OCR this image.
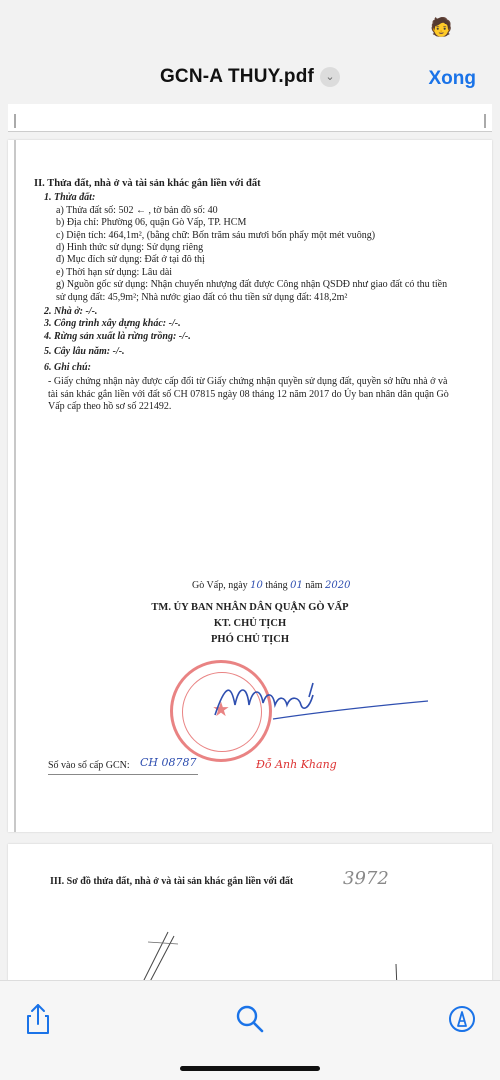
🧑
GCN-A THUY.pdf ⌄	Xong
II. Thửa đất, nhà ở và tài sản khác gắn liền với đất
1. Thửa đất:
a) Thửa đất số: 502 ← , tờ bản đồ số: 40
b) Địa chỉ: Phường 06, quận Gò Vấp, TP. HCM
c) Diện tích: 464,1m², (bằng chữ: Bốn trăm sáu mươi bốn phẩy một mét vuông)
d) Hình thức sử dụng: Sử dụng riêng
đ) Mục đích sử dụng: Đất ở tại đô thị
e) Thời hạn sử dụng: Lâu dài
g) Nguồn gốc sử dụng: Nhận chuyển nhượng đất được Công nhận QSDĐ như giao đất có thu tiền sử dụng đất: 45,9m²; Nhà nước giao đất có thu tiền sử dụng đất: 418,2m²
2. Nhà ở: -/-.
3. Công trình xây dựng khác: -/-.
4. Rừng sản xuất là rừng trồng: -/-.
5. Cây lâu năm: -/-.
6. Ghi chú:
- Giấy chứng nhận này được cấp đổi từ Giấy chứng nhận quyền sử dụng đất, quyền sở hữu nhà ở và tài sản khác gắn liền với đất số CH 07815 ngày 08 tháng 12 năm 2017 do Ủy ban nhân dân quận Gò Vấp cấp theo hồ sơ số 221492.
Gò Vấp, ngày 10 tháng 01 năm 2020
TM. ỦY BAN NHÂN DÂN QUẬN GÒ VẤP
KT. CHỦ TỊCH
PHÓ CHỦ TỊCH
★
Đỗ Anh Khang
Số vào sổ cấp GCN: CH 08787
III. Sơ đồ thửa đất, nhà ở và tài sản khác gắn liền với đất	3972
